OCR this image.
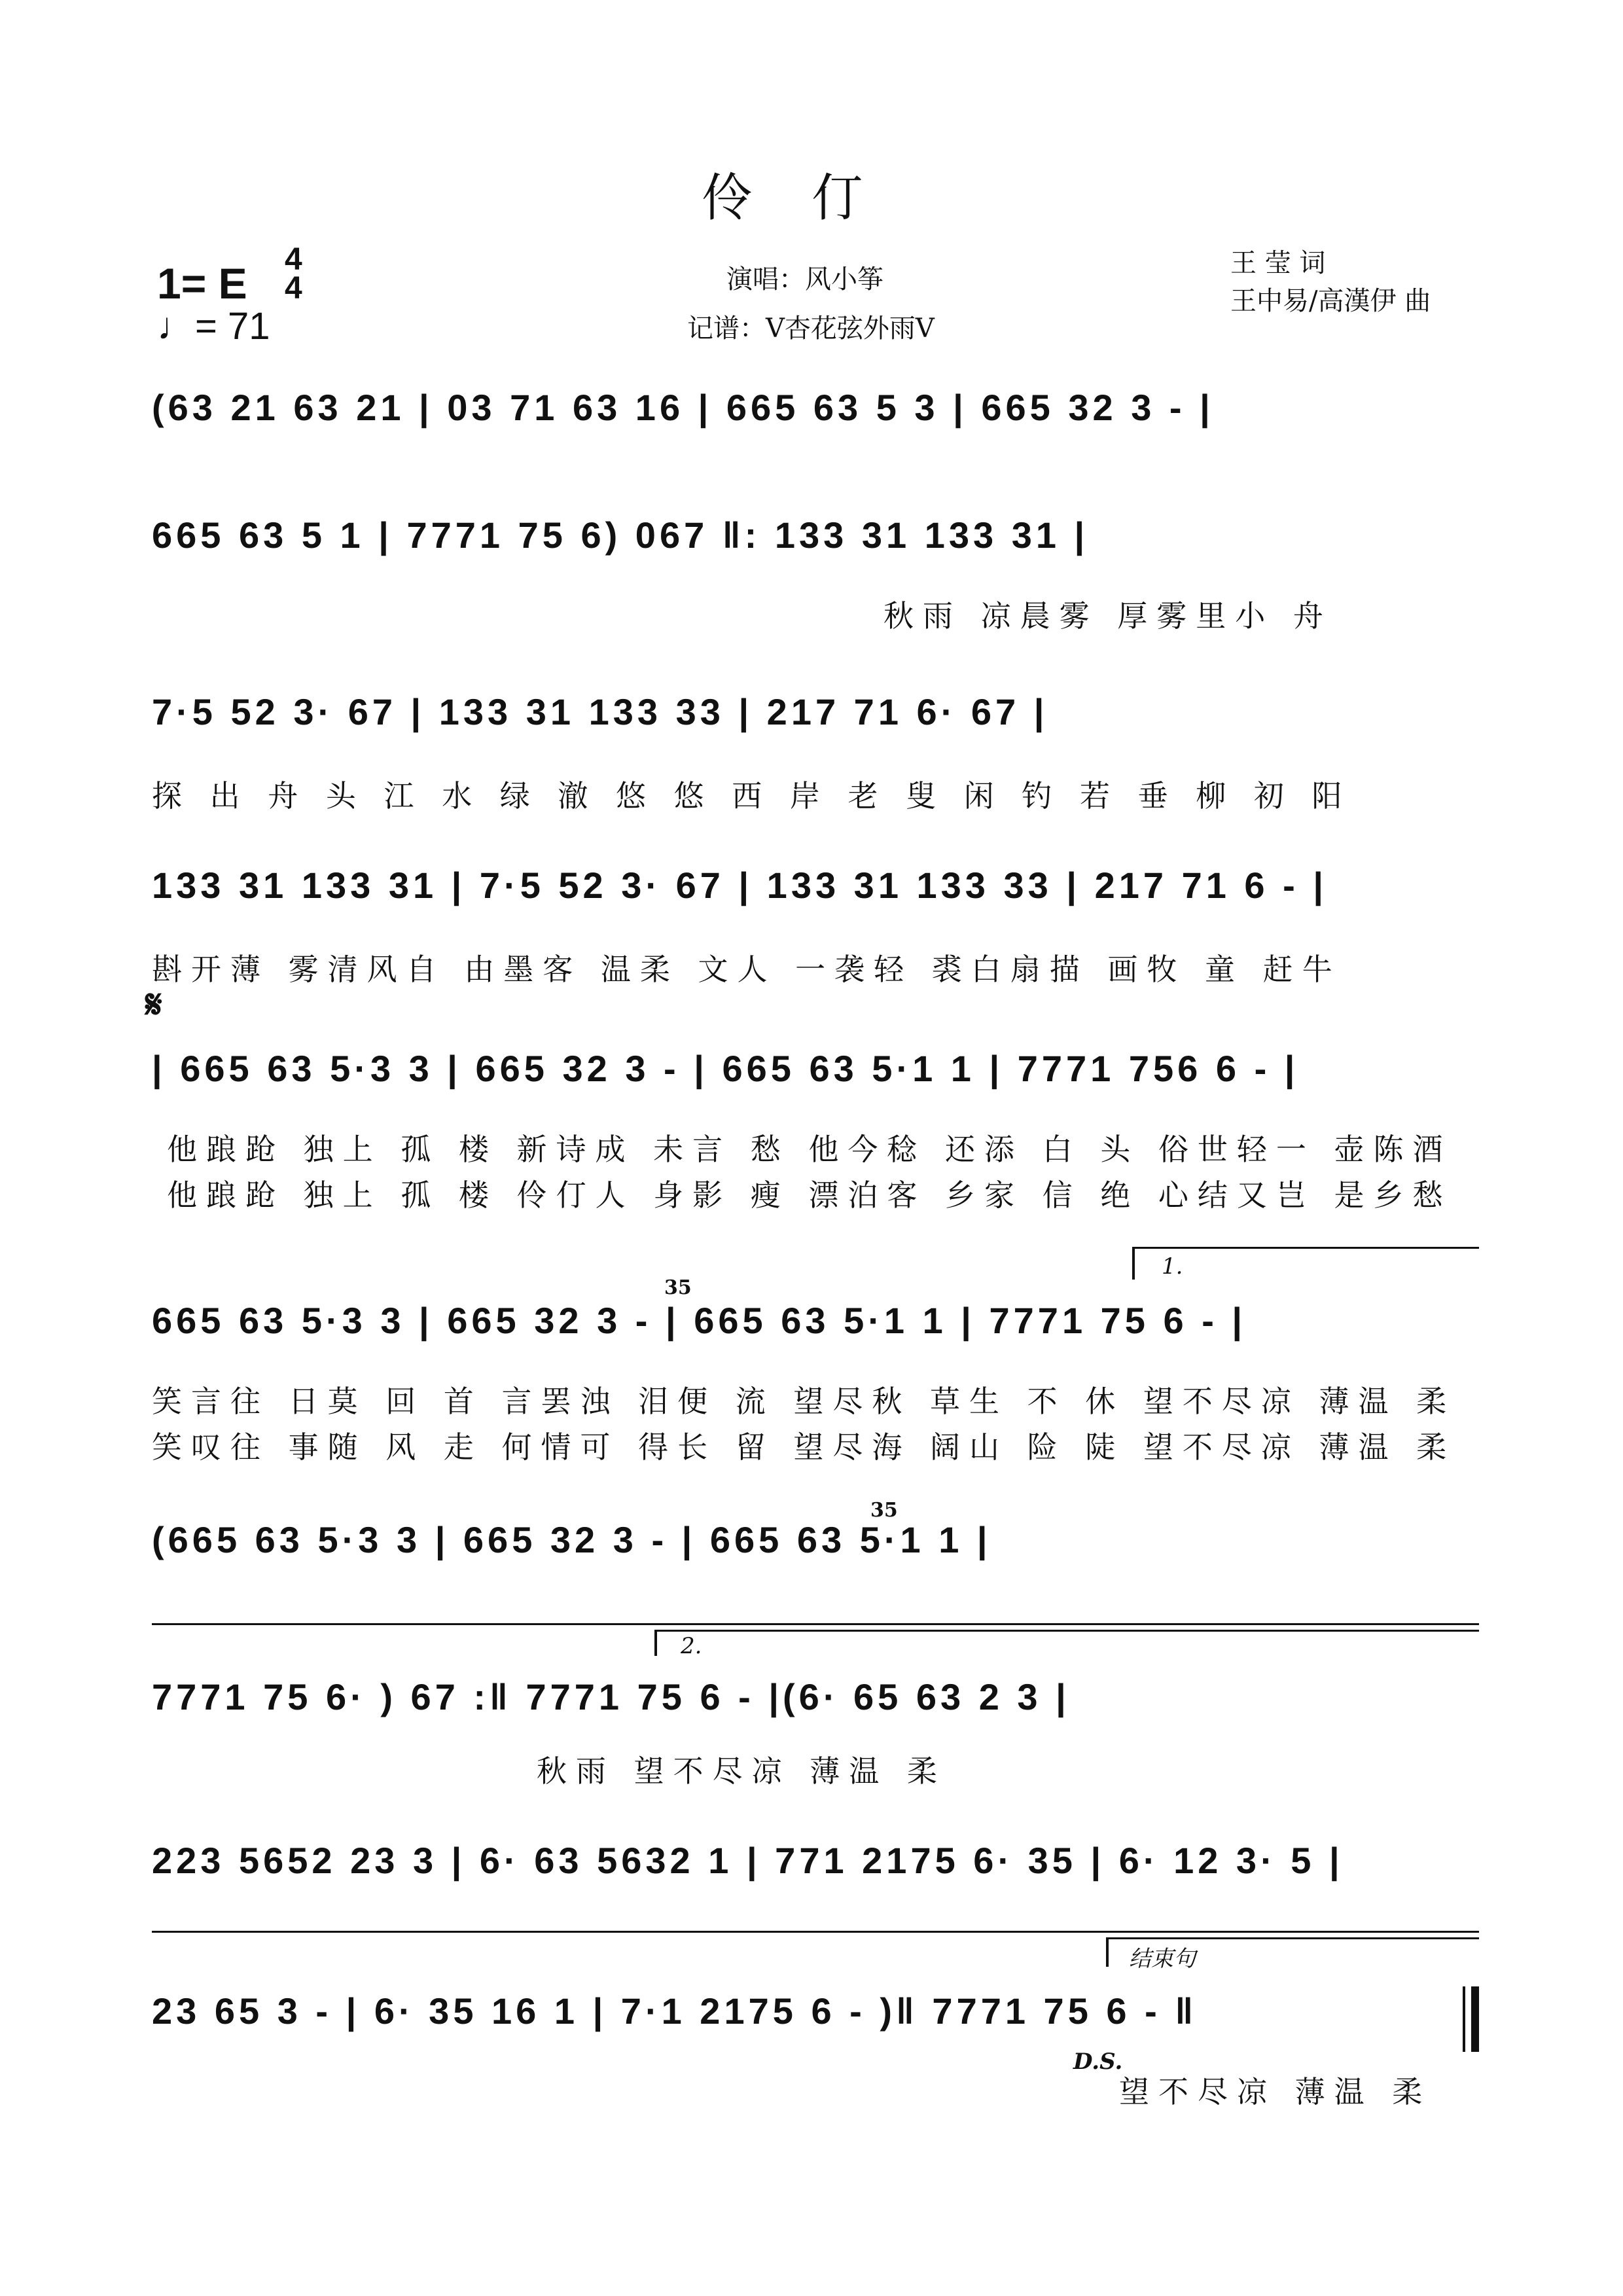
伶仃
1= E 4
4
♩= 71
演唱：风小筝
记谱：V杏花弦外雨V
王 莹 词
王中易/高漢伊 曲
(63 21 63 21 | 03 71 63 16 | 665 63 5 3 | 665 32 3 - |
665 63 5 1 | 7771 75 6) 067 ‖: 133 31 133 31 |
秋雨 凉晨雾 厚雾里小 舟
7·5 52 3· 67 | 133 31 133 33 | 217 71 6· 67 |
探 出 舟 头 江 水 绿 澈 悠 悠 西 岸 老 叟 闲 钓 若 垂 柳 初 阳
133 31 133 31 | 7·5 52 3· 67 | 133 31 133 33 | 217 71 6 - |
斟开薄 雾清风自 由墨客 温柔 文人 一袭轻 裘白扇描 画牧 童 赶牛
𝄋
| 665 63 5·3 3 | 665 32 3 - | 665 63 5·1 1 | 7771 756 6 - |
他踉跄 独上 孤 楼 新诗成 未言 愁 他今稔 还添 白 头 俗世轻一 壶陈酒
他踉跄 独上 孤 楼 伶仃人 身影 瘦 漂泊客 乡家 信 绝 心结又岂 是乡愁
1.
35
665 63 5·3 3 | 665 32 3 - | 665 63 5·1 1 | 7771 75 6 - |
笑言往 日莫 回 首 言罢浊 泪便 流 望尽秋 草生 不 休 望不尽凉 薄温 柔
笑叹往 事随 风 走 何情可 得长 留 望尽海 阔山 险 陡 望不尽凉 薄温 柔
35
(665 63 5·3 3 | 665 32 3 - | 665 63 5·1 1 |
2.
7771 75 6· ) 67 :‖ 7771 75 6 - |(6· 65 63 2 3 |
秋雨 望不尽凉 薄温 柔
223 5652 23 3 | 6· 63 5632 1 | 771 2175 6· 35 | 6· 12 3· 5 |
结束句
23 65 3 - | 6· 35 16 1 | 7·1 2175 6 - )‖ 7771 75 6 - ‖
D.S.
望不尽凉 薄温 柔
